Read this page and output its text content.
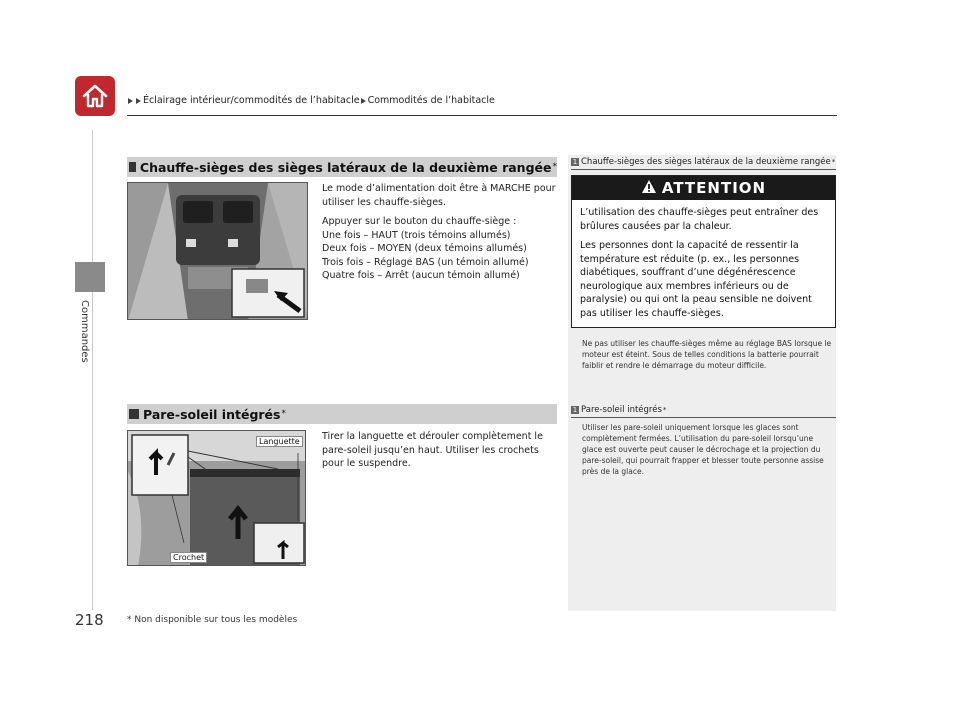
Éclairage intérieur/commodités de l’habitacle Commodités de l’habitacle
Commandes
Chauffe-sièges des sièges latéraux de la deuxième rangée *

Le mode d’alimentation doit être à MARCHE pour utiliser les chauffe-sièges.

Appuyer sur le bouton du chauffe-siège :
Une fois – HAUT (trois témoins allumés)
Deux fois – MOYEN (deux témoins allumés)
Trois fois – Réglage BAS (un témoin allumé)
Quatre fois – Arrêt (aucun témoin allumé)
Pare-soleil intégrés *
Languette
Crochet

Tirer la languette et dérouler complètement le pare-soleil jusqu’en haut. Utiliser les crochets pour le suspendre.

1 Chauffe-sièges des sièges latéraux de la deuxième rangée *
ATTENTION

L’utilisation des chauffe-sièges peut entraîner des brûlures causées par la chaleur.

Les personnes dont la capacité de ressentir la température est réduite (p. ex., les personnes diabétiques, souffrant d’une dégénérescence neurologique aux membres inférieurs ou de paralysie) ou qui ont la peau sensible ne doivent pas utiliser les chauffe-sièges.

Ne pas utiliser les chauffe-sièges même au réglage BAS lorsque le moteur est éteint. Sous de telles conditions la batterie pourrait faiblir et rendre le démarrage du moteur difficile.
1 Pare-soleil intégrés *
Utiliser les pare-soleil uniquement lorsque les glaces sont complètement fermées. L’utilisation du pare-soleil lorsqu’une glace est ouverte peut causer le décrochage et la projection du pare-soleil, qui pourrait frapper et blesser toute personne assise près de la glace.
218	* Non disponible sur tous les modèles
